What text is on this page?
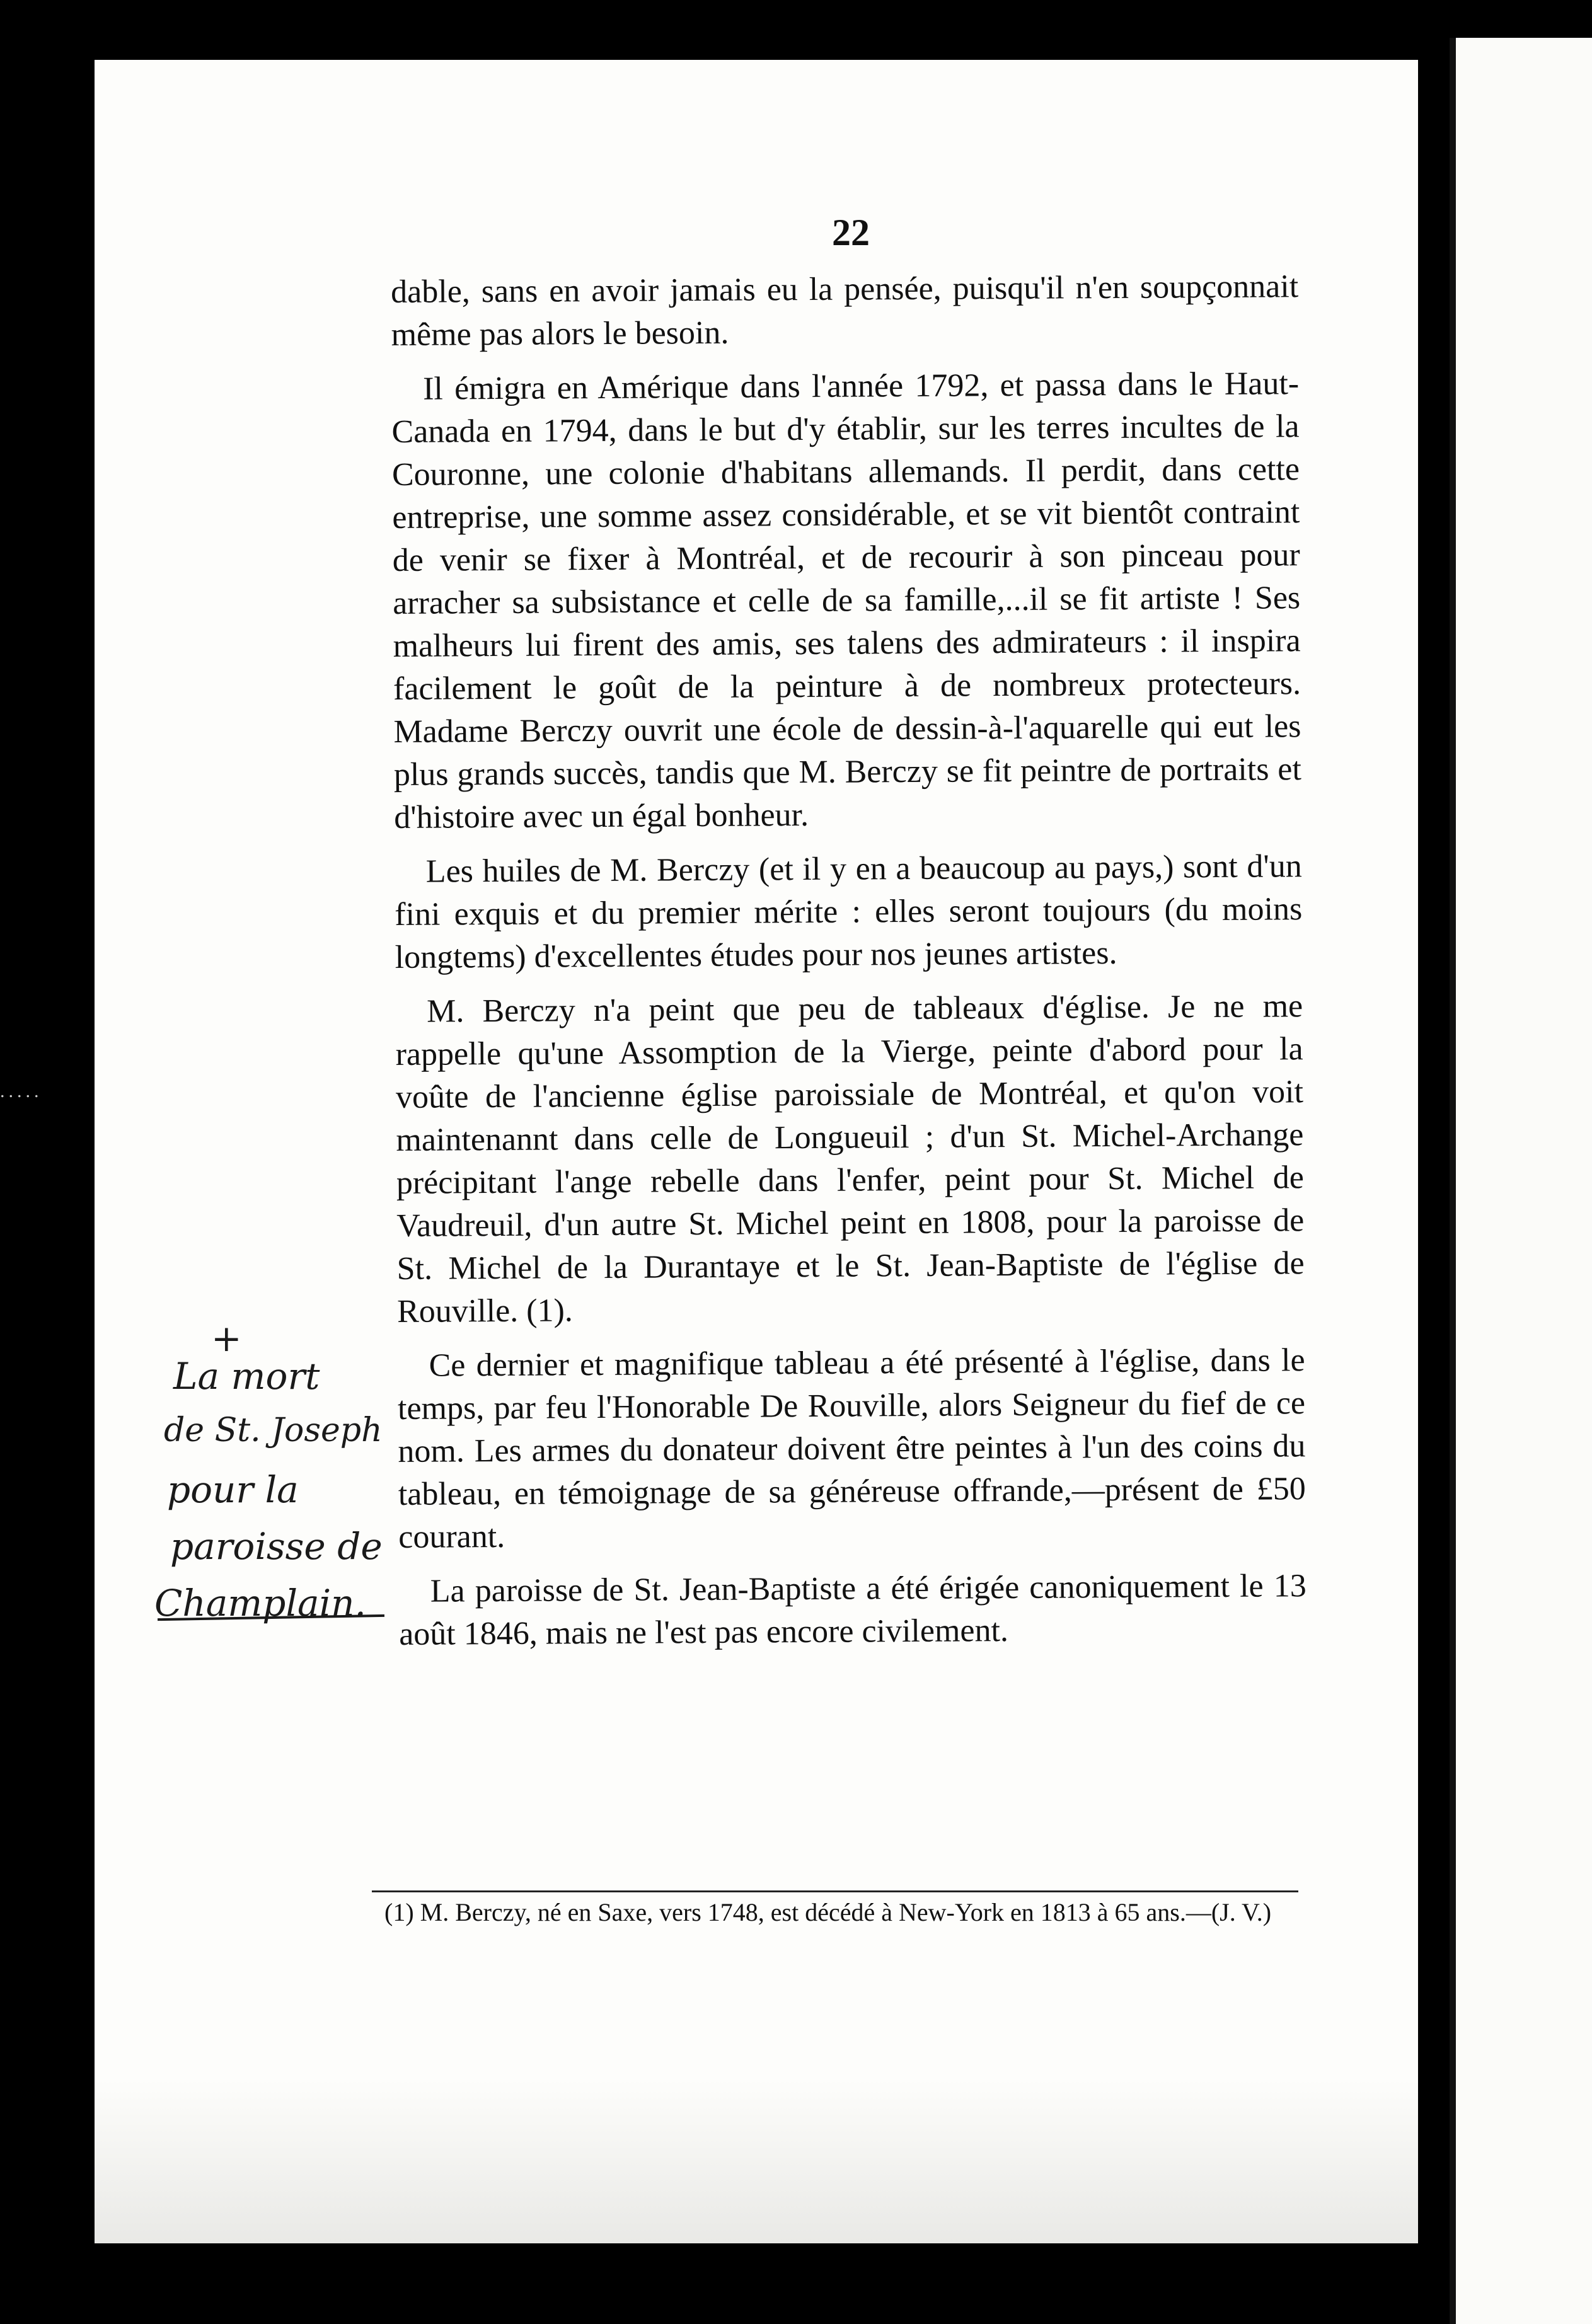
.....
22

dable, sans en avoir jamais eu la pensée, puisqu'il n'en soupçonnait même pas alors le besoin.

Il émigra en Amérique dans l'année 1792, et passa dans le Haut-Canada en 1794, dans le but d'y établir, sur les terres incultes de la Couronne, une colonie d'habitans allemands. Il perdit, dans cette entreprise, une somme assez considérable, et se vit bientôt contraint de venir se fixer à Montréal, et de recourir à son pinceau pour arracher sa subsistance et celle de sa famille,...il se fit artiste ! Ses malheurs lui firent des amis, ses talens des admirateurs : il inspira facilement le goût de la peinture à de nombreux protecteurs. Madame Berczy ouvrit une école de dessin-à-l'aquarelle qui eut les plus grands succès, tandis que M. Berczy se fit peintre de portraits et d'histoire avec un égal bonheur.

Les huiles de M. Berczy (et il y en a beaucoup au pays,) sont d'un fini exquis et du premier mérite : elles seront toujours (du moins longtems) d'excellentes études pour nos jeunes artistes.

M. Berczy n'a peint que peu de tableaux d'église. Je ne me rappelle qu'une Assomption de la Vierge, peinte d'abord pour la voûte de l'ancienne église paroissiale de Montréal, et qu'on voit maintenannt dans celle de Longueuil ; d'un St. Michel-Archange précipitant l'ange rebelle dans l'enfer, peint pour St. Michel de Vaudreuil, d'un autre St. Michel peint en 1808, pour la paroisse de St. Michel de la Durantaye et le St. Jean-Baptiste de l'église de Rouville. (1).

Ce dernier et magnifique tableau a été présenté à l'église, dans le temps, par feu l'Honorable De Rouville, alors Seigneur du fief de ce nom. Les armes du donateur doivent être peintes à l'un des coins du tableau, en témoignage de sa généreuse offrande,—présent de £50 courant.

La paroisse de St. Jean-Baptiste a été érigée canoniquement le 13 août 1846, mais ne l'est pas encore civilement.

(1) M. Berczy, né en Saxe, vers 1748, est décédé à New-York en 1813 à 65 ans.—(J. V.)
+
La mort
de St. Joseph
pour la
paroisse de
Champlain.
